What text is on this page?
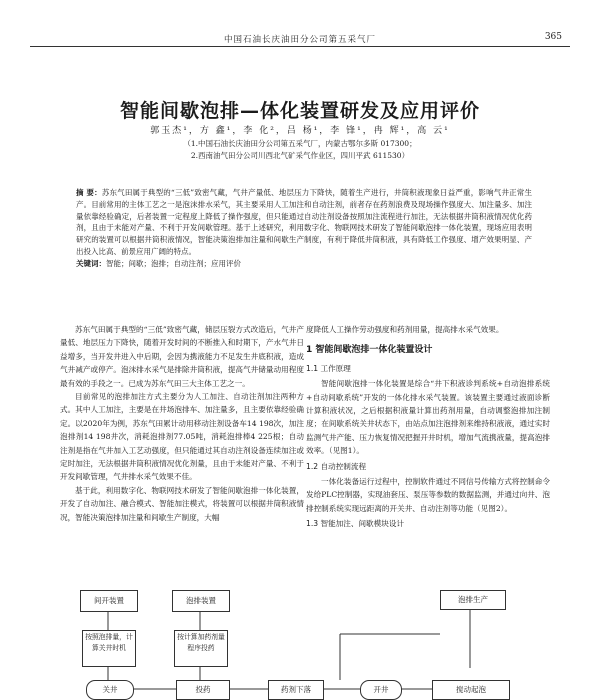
中国石油长庆油田分公司第五采气厂	365
智能间歇泡排—体化装置研发及应用评价
郭玉杰¹，方 鑫¹，李 化²，吕 杨¹，李 锋¹，冉 辉¹，高 云¹
（1.中国石油长庆油田分公司第五采气厂，内蒙古鄂尔多斯 017300；
2.西南油气田分公司川西北气矿采气作业区，四川平武 611530）

摘 要：苏东气田属于典型的“三低”致密气藏，气井产量低、地层压力下降快，随着生产进行，井筒积液现象日益严重，影响气井正常生产。目前常用的主体工艺之一是泡沫排水采气，其主要采用人工加注和自动注剂，前者存在药剂浪费及现场操作强度大、加注量多、加注量依靠经验确定，后者装置一定程度上降低了操作强度，但只能通过自动注剂设备按照加注流程进行加注，无法根据井筒积液情况优化药剂，且由于未能对产量、不利于开发间歇管理。基于上述研究，利用数字化、物联网技术研发了智能间歇泡排一体化装置，现场应用表明研究的装置可以根据井筒积液情况，智能决策泡排加注量和间歇生产制度，有利于降低井筒积液，具有降低工作强度、增产效果明显、产出投入比高、前景应用广阔的特点。

关键词：智能；间歇；泡排；自动注剂；应用评价

苏东气田属于典型的“三低”致密气藏，储层压裂方式改造后，气井产量低、地层压力下降快，随着开发时间的不断推入和时期下，产水气井日益增多，当开发井进入中后期，会因为携液能力不足发生井底积液，造成气井减产或停产。泡沫排水采气是排除井筒积液，提高气井储量动用程度最有效的手段之一。已成为苏东气田三大主体工艺之一。

目前常见的泡排加注方式主要分为人工加注、自动注剂加注两种方式。其中人工加注，主要是在井场泡排车、加注量多，且主要依靠经验确定。以2020年为例，苏东气田累计动用移动注剂设备车14 198次，加注泡排剂14 198井次，消耗泡排剂77.05吨，消耗泡排棒4 225根；自动注剂是指在气井加入工艺动强度，但只能通过其自动注剂设备连续加注或定时加注，无法根据井筒积液情况优化剂量，且由于未能对产量、不利于开发间歇管理，气井排水采气效果不佳。

基于此，利用数字化、物联网技术研发了智能间歇泡排一体化装置，开发了自动加注、融合模式、智能加注模式，将装置可以根据井筒积液情况，智能决策泡排加注量和间歇生产制度，大幅

度降低人工操作劳动强度和药剂用量，提高排水采气效果。

1 智能间歇泡排一体化装置设计
1.1 工作原理

智能间歇泡排一体化装置是综合“井下积液诊判系统+自动泡排系统+自动间歇系统”开发的一体化排水采气装置。该装置主要通过液面诊断计算积液状况，之后根据积液量计算出药剂用量，自动调整泡排加注制度；在间歇系统关井状态下，由站点加注泡排剂来维持积液液，通过实时监测气井产能、压力恢复情况把握开井时机，增加气流携液量，提高泡排效率。（见图1）。

1.2 自动控制流程

一体化装备运行过程中，控制软件通过不同信号传输方式将控制命令发给PLC控制器，实现油套压、泵压等参数的数据监测，并通过向井、泡排控制系统实现远距离的开关井、自动注剂等功能（见图2）。

1.3 智能加注、间歇模块设计
间开装置	泡排装置
按照泡排量，计算关井时机
按计算加药剂量程序投药
关井	投药	药剂下落	开井
泡排生产
搅动起泡
